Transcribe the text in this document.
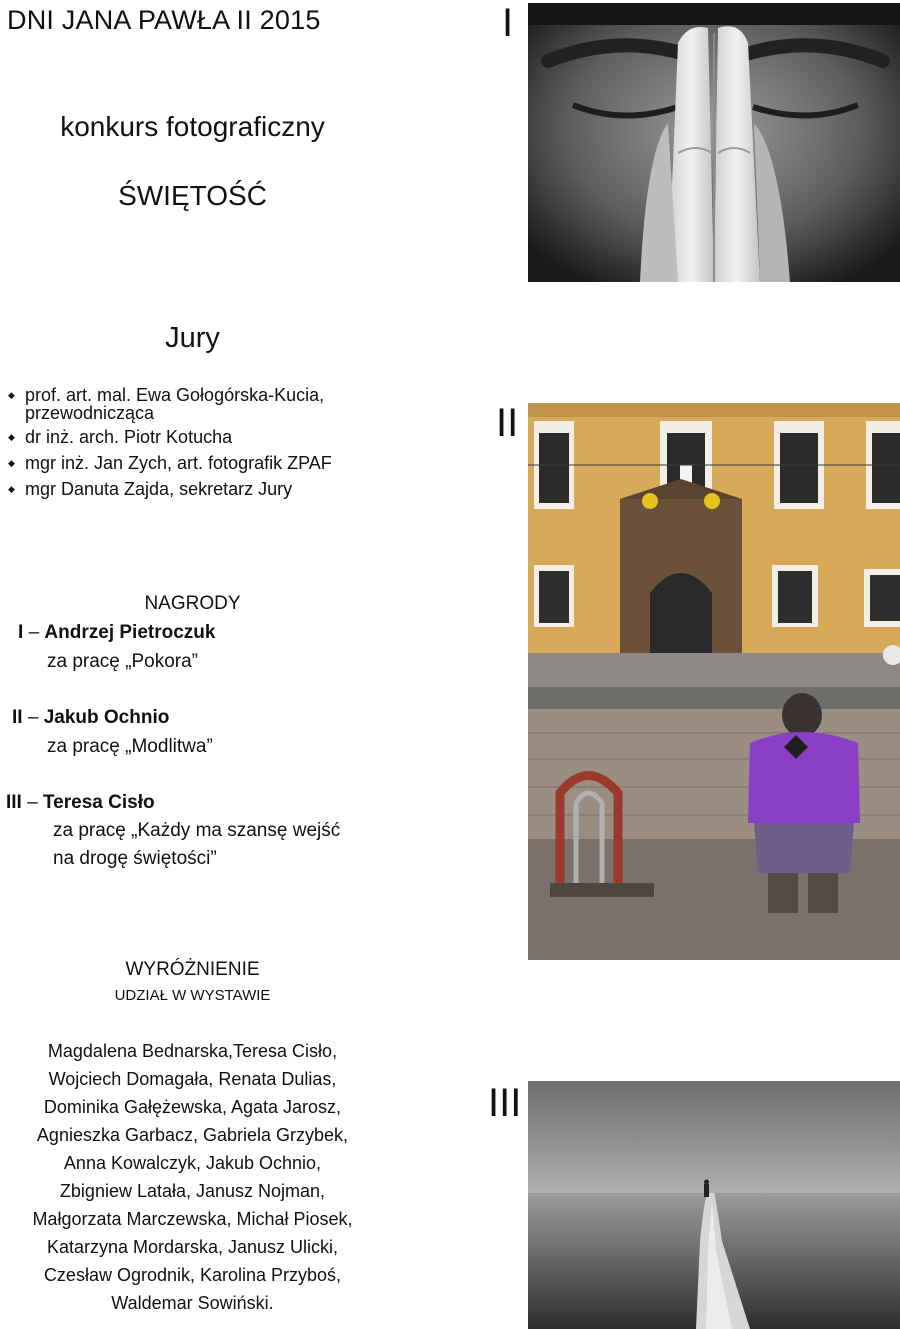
DNI JANA PAWŁA II 2015
konkurs fotograficzny
ŚWIĘTOŚĆ
Jury
◆ prof. art. mal. Ewa Gołogórska-Kucia,
przewodnicząca
◆ dr inż. arch. Piotr Kotucha
◆ mgr inż. Jan Zych, art. fotografik ZPAF
◆ mgr Danuta Zajda, sekretarz Jury
NAGRODY
I – Andrzej Pietroczuk
za pracę „Pokora”
II – Jakub Ochnio
za pracę „Modlitwa”
III – Teresa Cisło
za pracę „Każdy ma szansę wejść
na drogę świętości”
WYRÓŻNIENIE
UDZIAŁ W WYSTAWIE
Magdalena Bednarska,Teresa Cisło,
Wojciech Domagała, Renata Dulias,
Dominika Gałężewska, Agata Jarosz,
Agnieszka Garbacz, Gabriela Grzybek,
Anna Kowalczyk, Jakub Ochnio,
Zbigniew Latała, Janusz Nojman,
Małgorzata Marczewska, Michał Piosek,
Katarzyna Mordarska, Janusz Ulicki,
Czesław Ogrodnik, Karolina Przyboś,
Waldemar Sowiński.
I
II
III
